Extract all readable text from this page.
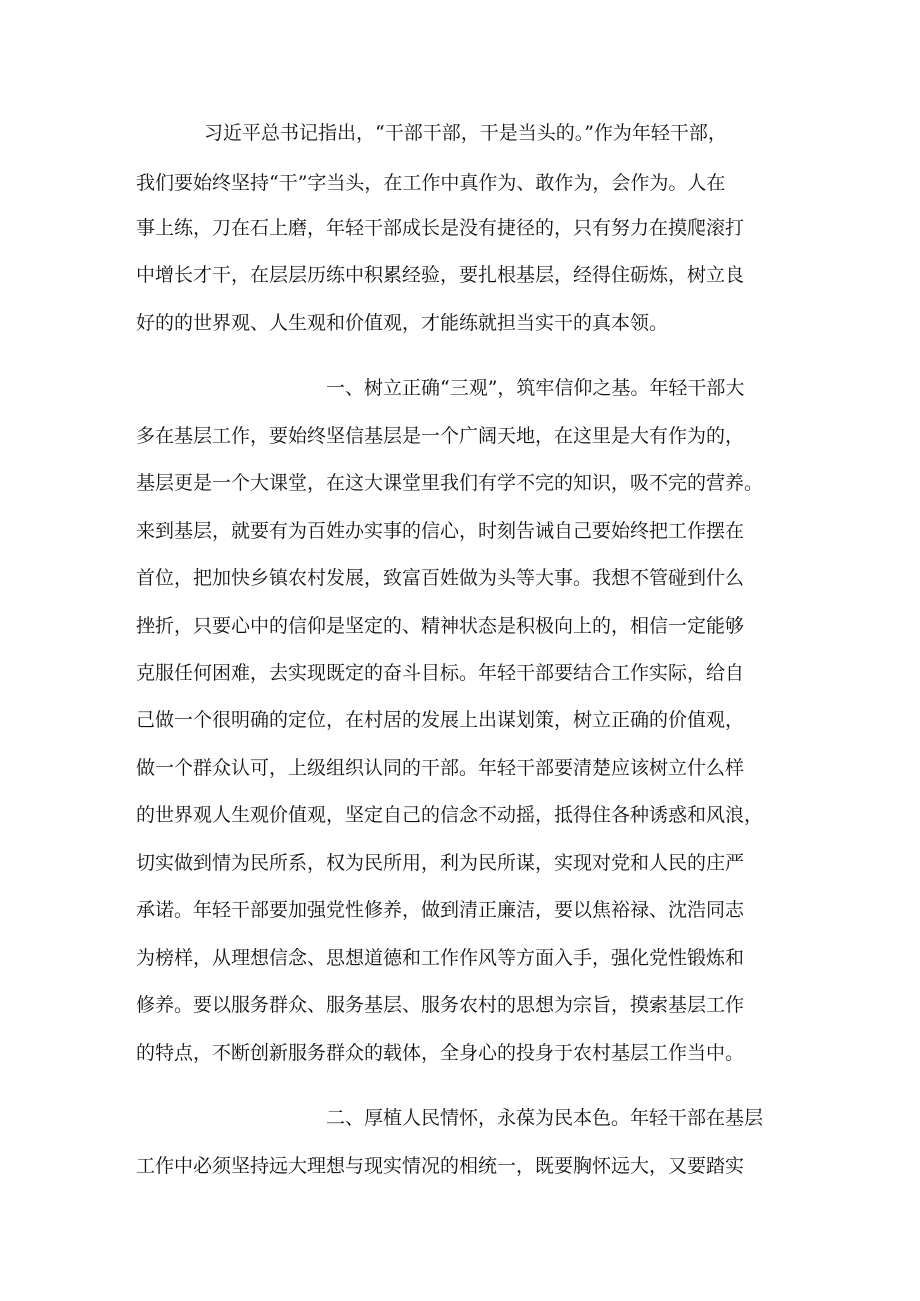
习近平总书记指出，“干部干部，干是当头的。”作为年轻干部，
我们要始终坚持“干”字当头，在工作中真作为、敢作为，会作为。人在
事上练，刀在石上磨，年轻干部成长是没有捷径的，只有努力在摸爬滚打
中增长才干，在层层历练中积累经验，要扎根基层，经得住砺炼，树立良
好的的世界观、人生观和价值观，才能练就担当实干的真本领。
一、树立正确“三观”，筑牢信仰之基。年轻干部大
多在基层工作，要始终坚信基层是一个广阔天地，在这里是大有作为的，
基层更是一个大课堂，在这大课堂里我们有学不完的知识，吸不完的营养。
来到基层，就要有为百姓办实事的信心，时刻告诫自己要始终把工作摆在
首位，把加快乡镇农村发展，致富百姓做为头等大事。我想不管碰到什么
挫折，只要心中的信仰是坚定的、精神状态是积极向上的，相信一定能够
克服任何困难，去实现既定的奋斗目标。年轻干部要结合工作实际，给自
己做一个很明确的定位，在村居的发展上出谋划策，树立正确的价值观，
做一个群众认可，上级组织认同的干部。年轻干部要清楚应该树立什么样
的世界观人生观价值观，坚定自己的信念不动摇，抵得住各种诱惑和风浪，
切实做到情为民所系，权为民所用，利为民所谋，实现对党和人民的庄严
承诺。年轻干部要加强党性修养，做到清正廉洁，要以焦裕禄、沈浩同志
为榜样，从理想信念、思想道德和工作作风等方面入手，强化党性锻炼和
修养。要以服务群众、服务基层、服务农村的思想为宗旨，摸索基层工作
的特点，不断创新服务群众的载体，全身心的投身于农村基层工作当中。
二、厚植人民情怀，永葆为民本色。年轻干部在基层
工作中必须坚持远大理想与现实情况的相统一，既要胸怀远大，又要踏实
